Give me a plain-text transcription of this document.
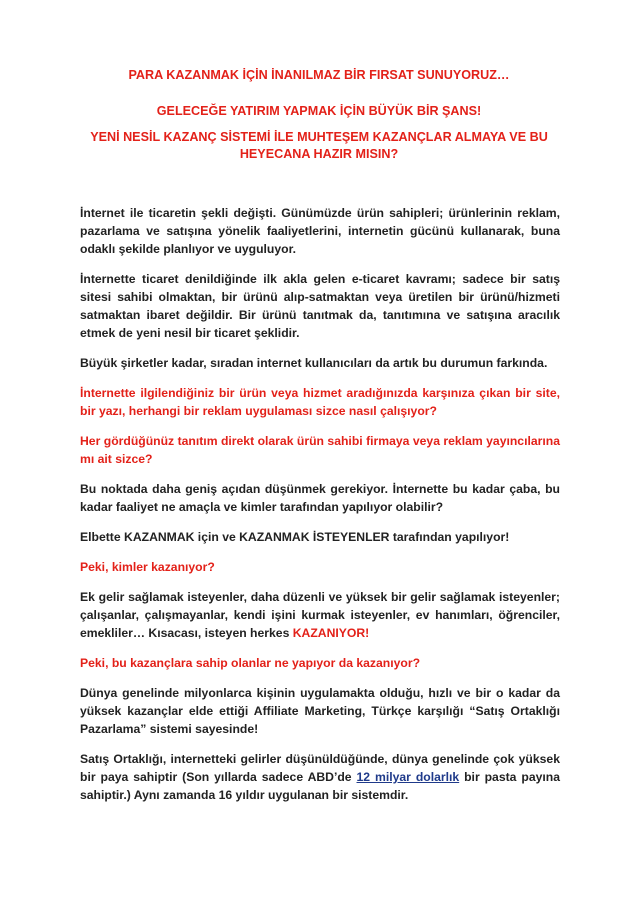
PARA KAZANMAK İÇİN İNANILMAZ BİR FIRSAT SUNUYORUZ…
GELECEĞE YATIRIM YAPMAK İÇİN BÜYÜK BİR ŞANS!
YENİ NESİL KAZANÇ SİSTEMİ İLE MUHTEŞEM KAZANÇLAR ALMAYA VE BU HEYECANA HAZIR MISIN?

İnternet ile ticaretin şekli değişti. Günümüzde ürün sahipleri; ürünlerinin reklam, pazarlama ve satışına yönelik faaliyetlerini, internetin gücünü kullanarak, buna odaklı şekilde planlıyor ve uyguluyor.

İnternette ticaret denildiğinde ilk akla gelen e-ticaret kavramı; sadece bir satış sitesi sahibi olmaktan, bir ürünü alıp-satmaktan veya üretilen bir ürünü/hizmeti satmaktan ibaret değildir. Bir ürünü tanıtmak da, tanıtımına ve satışına aracılık etmek de yeni nesil bir ticaret şeklidir.

Büyük şirketler kadar, sıradan internet kullanıcıları da artık bu durumun farkında.

İnternette ilgilendiğiniz bir ürün veya hizmet aradığınızda karşınıza çıkan bir site, bir yazı, herhangi bir reklam uygulaması sizce nasıl çalışıyor?

Her gördüğünüz tanıtım direkt olarak ürün sahibi firmaya veya reklam yayıncılarına mı ait sizce?

Bu noktada daha geniş açıdan düşünmek gerekiyor. İnternette bu kadar çaba, bu kadar faaliyet ne amaçla ve kimler tarafından yapılıyor olabilir?

Elbette KAZANMAK için ve KAZANMAK İSTEYENLER tarafından yapılıyor!

Peki, kimler kazanıyor?

Ek gelir sağlamak isteyenler, daha düzenli ve yüksek bir gelir sağlamak isteyenler; çalışanlar, çalışmayanlar, kendi işini kurmak isteyenler, ev hanımları, öğrenciler, emekliler… Kısacası, isteyen herkes KAZANIYOR!

Peki, bu kazançlara sahip olanlar ne yapıyor da kazanıyor?

Dünya genelinde milyonlarca kişinin uygulamakta olduğu, hızlı ve bir o kadar da yüksek kazançlar elde ettiği Affiliate Marketing, Türkçe karşılığı “Satış Ortaklığı Pazarlama” sistemi sayesinde!

Satış Ortaklığı, internetteki gelirler düşünüldüğünde, dünya genelinde çok yüksek bir paya sahiptir (Son yıllarda sadece ABD’de 12 milyar dolarlık bir pasta payına sahiptir.) Aynı zamanda 16 yıldır uygulanan bir sistemdir.
